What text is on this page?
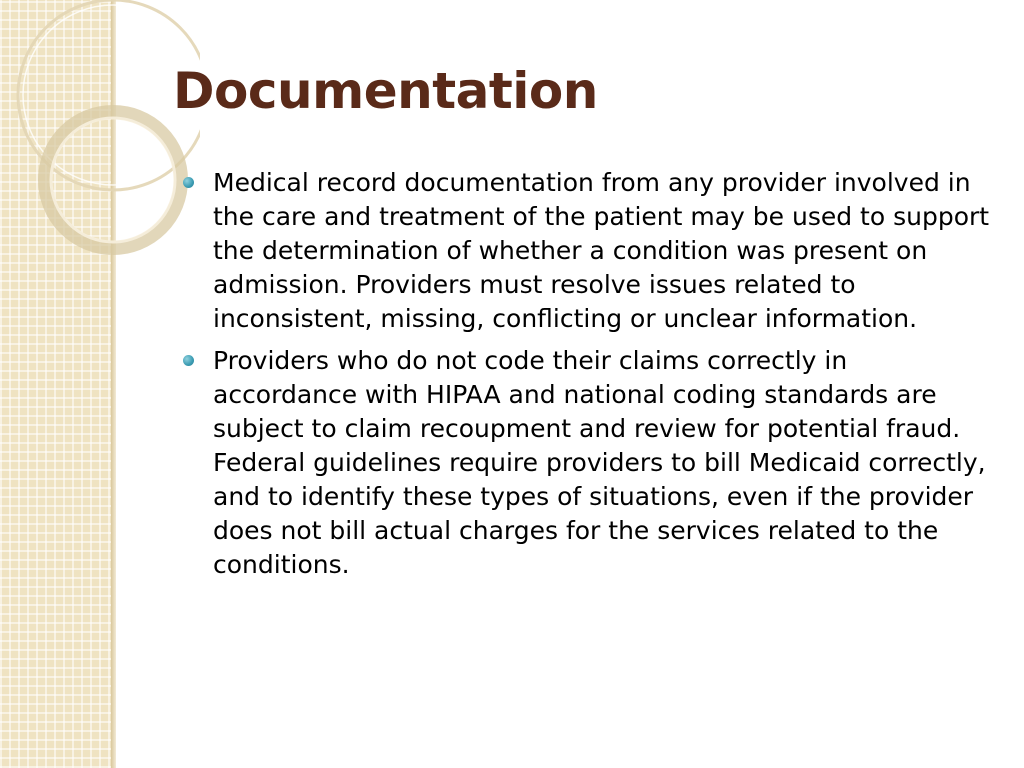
Documentation
Medical record documentation from any provider involved in the care and treatment of the patient may be used to support the determination of whether a condition was present on admission. Providers must resolve issues related to inconsistent, missing, conflicting or unclear information.
Providers who do not code their claims correctly in accordance with HIPAA and national coding standards are subject to claim recoupment and review for potential fraud. Federal guidelines require providers to bill Medicaid correctly, and to identify these types of situations, even if the provider does not bill actual charges for the services related to the conditions.
